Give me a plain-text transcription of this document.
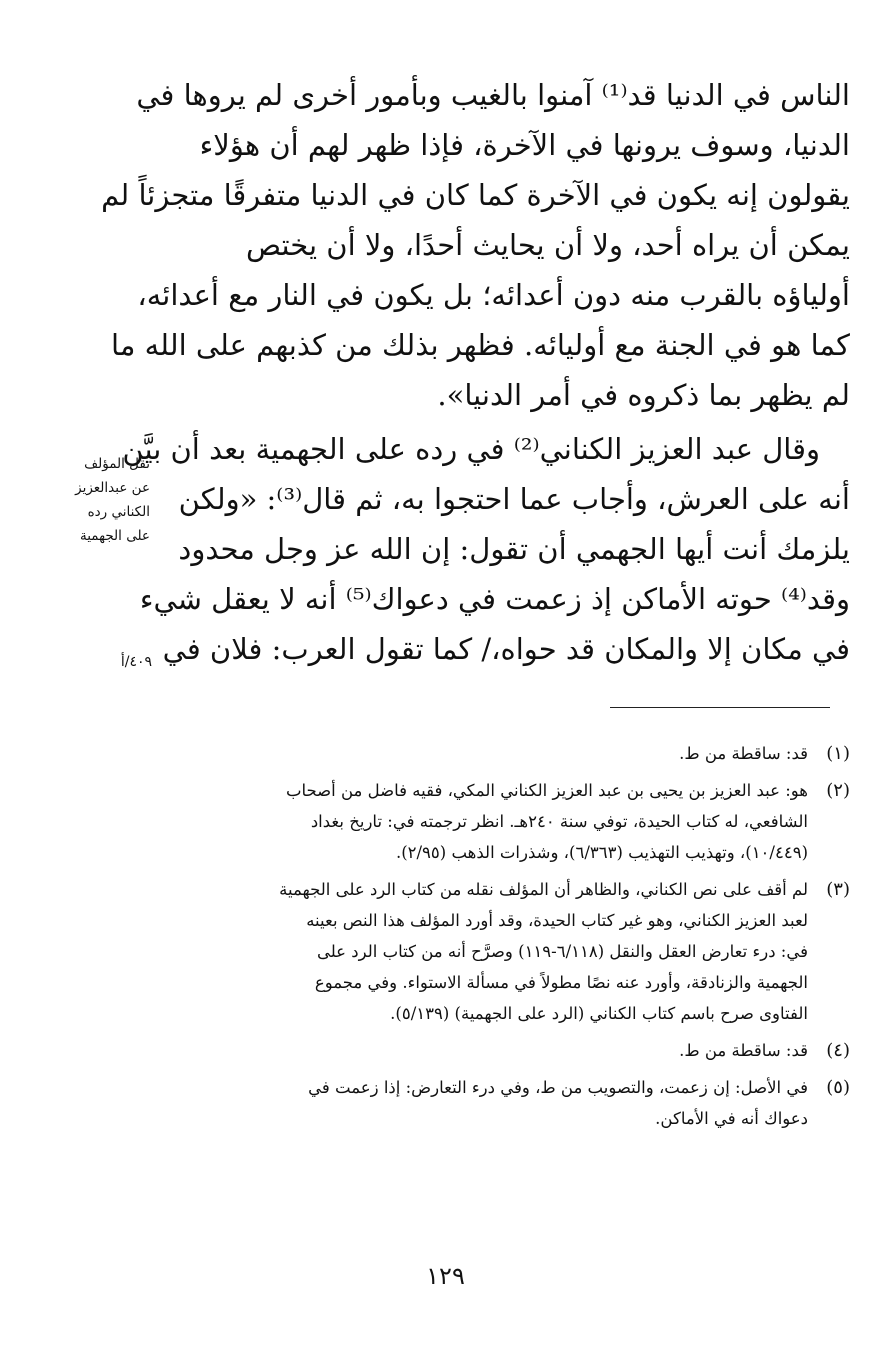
الناس في الدنيا قد⁽¹⁾ آمنوا بالغيب وبأمور أخرى لم يروها في
الدنيا، وسوف يرونها في الآخرة، فإذا ظهر لهم أن هؤلاء
يقولون إنه يكون في الآخرة كما كان في الدنيا متفرقًا متجزئاً لم
يمكن أن يراه أحد، ولا أن يحايث أحدًا، ولا أن يختص
أولياؤه بالقرب منه دون أعدائه؛ بل يكون في النار مع أعدائه،
كما هو في الجنة مع أوليائه. فظهر بذلك من كذبهم على الله ما
لم يظهر بما ذكروه في أمر الدنيا».
وقال عبد العزيز الكناني⁽²⁾ في رده على الجهمية بعد أن بيَّن
أنه على العرش، وأجاب عما احتجوا به، ثم قال⁽³⁾: «ولكن
يلزمك أنت أيها الجهمي أن تقول: إن الله عز وجل محدود
وقد⁽⁴⁾ حوته الأماكن إذ زعمت في دعواك⁽⁵⁾ أنه لا يعقل شيء
في مكان إلا والمكان قد حواه،/ كما تقول العرب: فلان في
نقل المؤلف
عن عبدالعزيز
الكناني رده
على الجهمية
٤٠٩/أ
(١)
قد: ساقطة من ط.
(٢)
هو: عبد العزيز بن يحيى بن عبد العزيز الكناني المكي، فقيه فاضل من أصحاب
الشافعي، له كتاب الحيدة، توفي سنة ٢٤٠هـ. انظر ترجمته في: تاريخ بغداد
(١٠/٤٤٩)، وتهذيب التهذيب (٦/٣٦٣)، وشذرات الذهب (٢/٩٥).
(٣)
لم أقف على نص الكناني، والظاهر أن المؤلف نقله من كتاب الرد على الجهمية
لعبد العزيز الكناني، وهو غير كتاب الحيدة، وقد أورد المؤلف هذا النص بعينه
في: درء تعارض العقل والنقل (٦/١١٨-١١٩) وصرَّح أنه من كتاب الرد على
الجهمية والزنادقة، وأورد عنه نصًا مطولاً في مسألة الاستواء. وفي مجموع
الفتاوى صرح باسم كتاب الكناني (الرد على الجهمية) (٥/١٣٩).
(٤)
قد: ساقطة من ط.
(٥)
في الأصل: إن زعمت، والتصويب من ط، وفي درء التعارض: إذا زعمت في
دعواك أنه في الأماكن.
١٢٩
